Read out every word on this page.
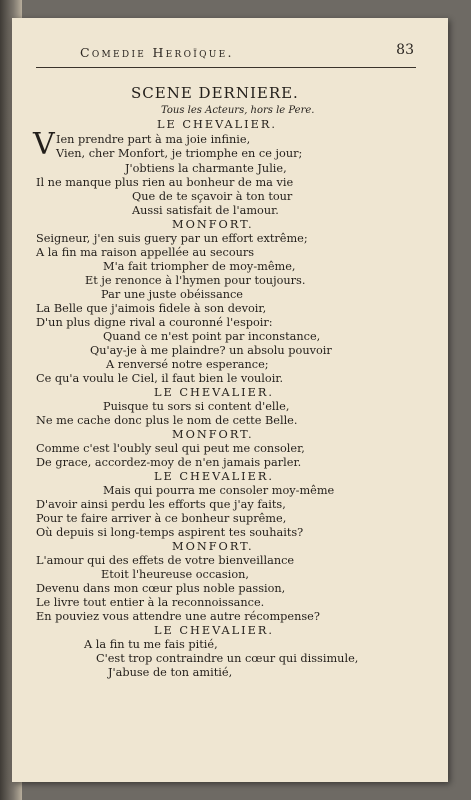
Comedie Heroïque.	83
SCENE DERNIERE.
Tous les Acteurs, hors le Pere.
V
LE CHEVALIER.
Ien prendre part à ma joie infinie,
Vien, cher Monfort, je triomphe en ce jour;
J'obtiens la charmante Julie,
Il ne manque plus rien au bonheur de ma vie
Que de te sçavoir à ton tour
Aussi satisfait de l'amour.
MONFORT.
Seigneur, j'en suis guery par un effort extrême;
A la fin ma raison appellée au secours
M'a fait triompher de moy-même,
Et je renonce à l'hymen pour toujours.
Par une juste obéissance
La Belle que j'aimois fidele à son devoir,
D'un plus digne rival a couronné l'espoir:
Quand ce n'est point par inconstance,
Qu'ay-je à me plaindre? un absolu pouvoir
A renversé notre esperance;
Ce qu'a voulu le Ciel, il faut bien le vouloir.
LE CHEVALIER.
Puisque tu sors si content d'elle,
Ne me cache donc plus le nom de cette Belle.
MONFORT.
Comme c'est l'oubly seul qui peut me consoler,
De grace, accordez-moy de n'en jamais parler.
LE CHEVALIER.
Mais qui pourra me consoler moy-même
D'avoir ainsi perdu les efforts que j'ay faits,
Pour te faire arriver à ce bonheur suprême,
Où depuis si long-temps aspirent tes souhaits?
MONFORT.
L'amour qui des effets de votre bienveillance
Etoit l'heureuse occasion,
Devenu dans mon cœur plus noble passion,
Le livre tout entier à la reconnoissance.
En pouviez vous attendre une autre récompense?
LE CHEVALIER.
A la fin tu me fais pitié,
C'est trop contraindre un cœur qui dissimule,
J'abuse de ton amitié,
